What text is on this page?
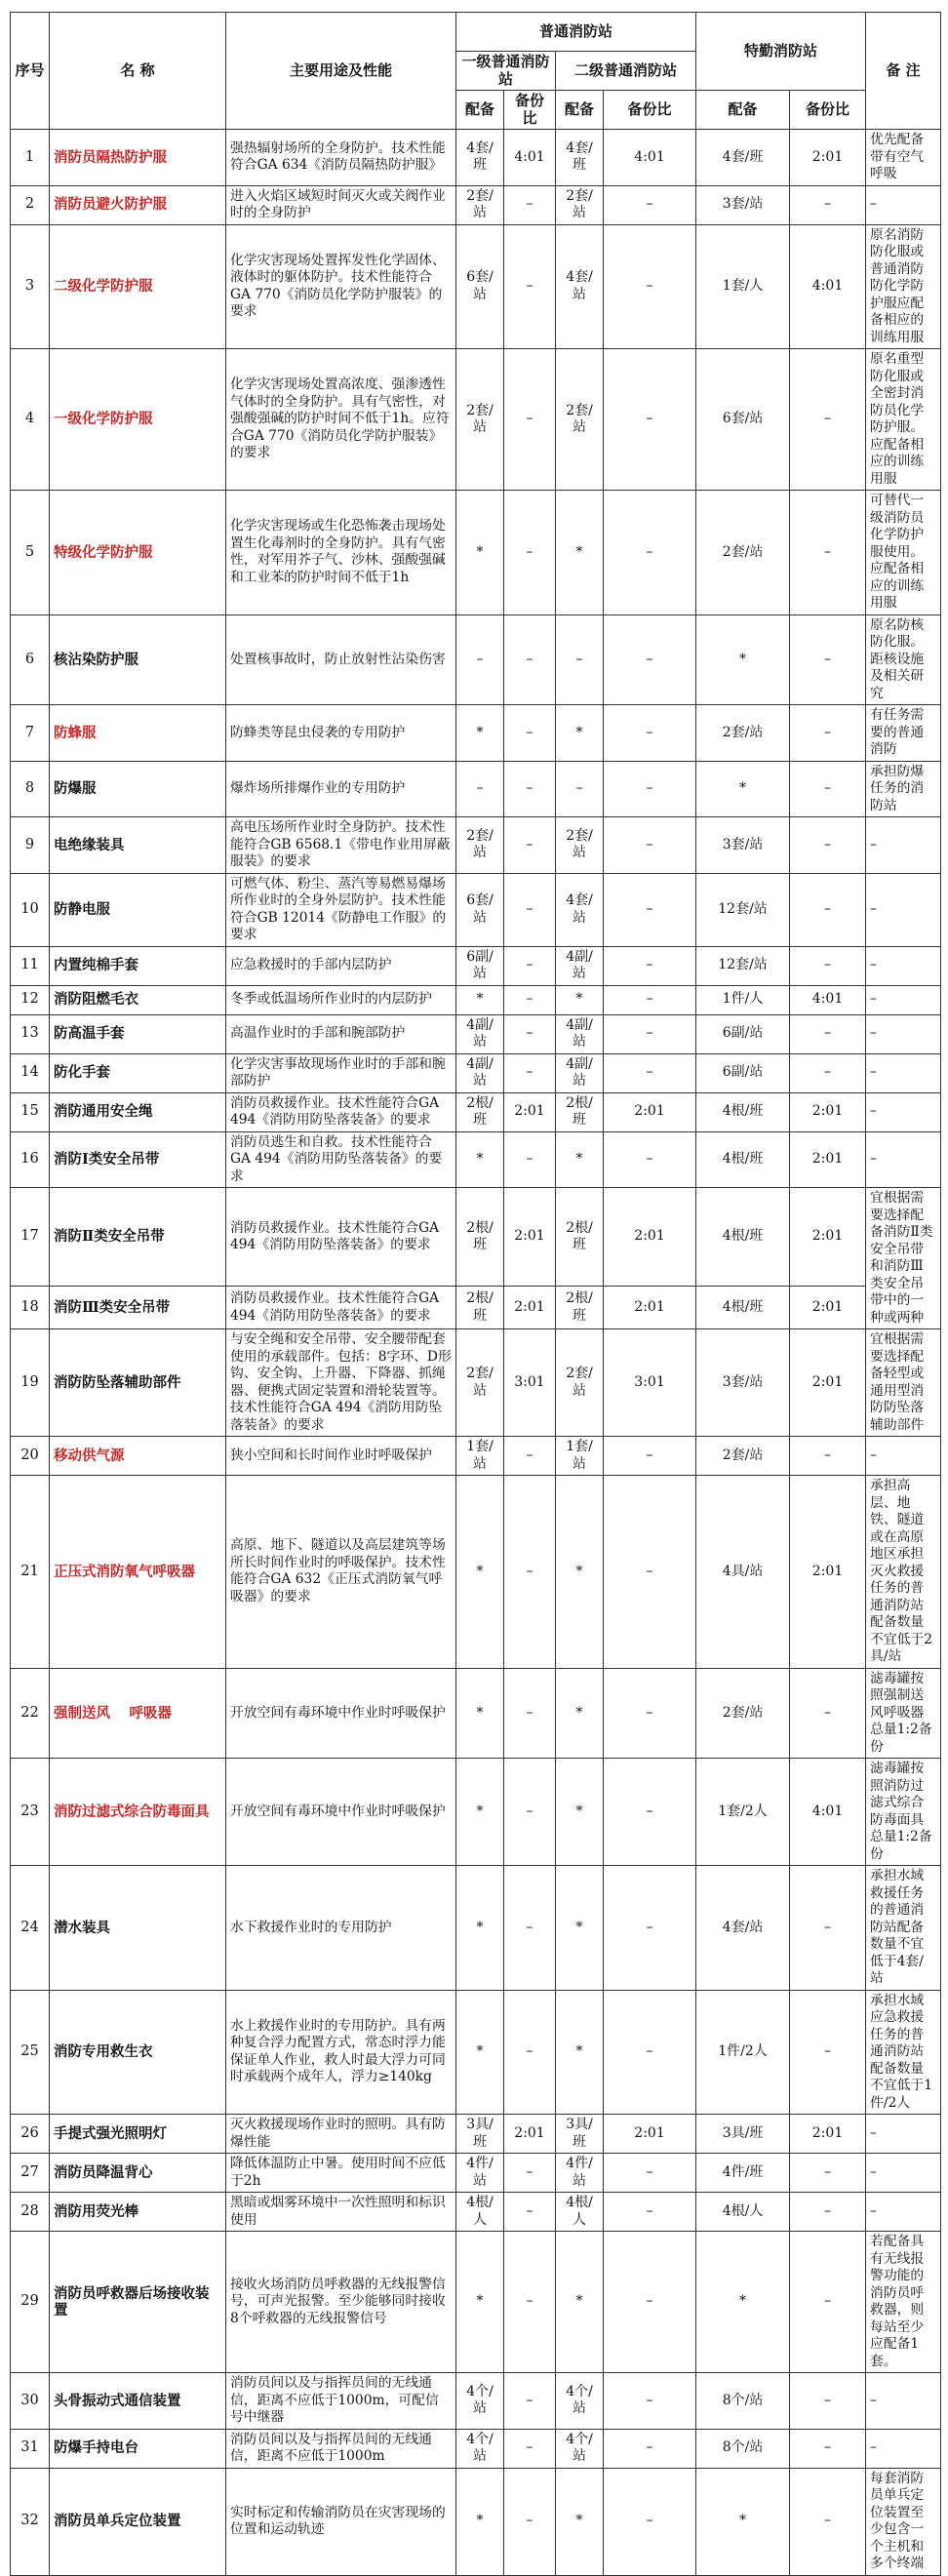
序号	名 称	主要用途及性能	普通消防站				特勤消防站		备 注
			一级普通消防站		二级普通消防站				
			配备	备份比	配备	备份比	配备	备份比	
1	消防员隔热防护服	强热辐射场所的全身防护。技术性能符合GA 634《消防员隔热防护服》	4套/班	4:01	4套/班	4:01	4套/班	2:01	优先配备带有空气呼吸
2	消防员避火防护服	进入火焰区域短时间灭火或关阀作业时的全身防护	2套/站	–	2套/站	–	3套/站	–	–
3	二级化学防护服	化学灾害现场处置挥发性化学固体、液体时的躯体防护。技术性能符合GA 770《消防员化学防护服装》的要求	6套/站	–	4套/站	–	1套/人	4:01	原名消防防化服或普通消防防化学防护服应配备相应的训练用服
4	一级化学防护服	化学灾害现场处置高浓度、强渗透性气体时的全身防护。具有气密性，对强酸强碱的防护时间不低于1h。应符合GA 770《消防员化学防护服装》的要求	2套/站	–	2套/站	–	6套/站	–	原名重型防化服或全密封消防员化学防护服。应配备相应的训练用服
5	特级化学防护服	化学灾害现场或生化恐怖袭击现场处置生化毒剂时的全身防护。具有气密性，对军用芥子气、沙林、强酸强碱和工业苯的防护时间不低于1h	*	–	*	–	2套/站	–	可替代一级消防员化学防护服使用。应配备相应的训练用服
6	核沾染防护服	处置核事故时，防止放射性沾染伤害	–	–	–	–	*	–	原名防核防化服。距核设施及相关研究
7	防蜂服	防蜂类等昆虫侵袭的专用防护	*	–	*	–	2套/站	–	有任务需要的普通消防
8	防爆服	爆炸场所排爆作业的专用防护	–	–	–	–	*	–	承担防爆任务的消防站
9	电绝缘装具	高电压场所作业时全身防护。技术性能符合GB 6568.1《带电作业用屏蔽服装》的要求	2套/站	–	2套/站	–	3套/站	–	–
10	防静电服	可燃气体、粉尘、蒸汽等易燃易爆场所作业时的全身外层防护。技术性能符合GB 12014《防静电工作服》的要求	6套/站	–	4套/站	–	12套/站	–	–
11	内置纯棉手套	应急救援时的手部内层防护	6副/站	–	4副/站	–	12套/站	–	–
12	消防阻燃毛衣	冬季或低温场所作业时的内层防护	*	–	*	–	1件/人	4:01	–
13	防高温手套	高温作业时的手部和腕部防护	4副/站	–	4副/站	–	6副/站	–	–
14	防化手套	化学灾害事故现场作业时的手部和腕部防护	4副/站	–	4副/站	–	6副/站	–	–
15	消防通用安全绳	消防员救援作业。技术性能符合GA 494《消防用防坠落装备》的要求	2根/班	2:01	2根/班	2:01	4根/班	2:01	–
16	消防Ⅰ类安全吊带	消防员逃生和自救。技术性能符合GA 494《消防用防坠落装备》的要求	*	–	*	–	4根/班	2:01	–
17	消防Ⅱ类安全吊带	消防员救援作业。技术性能符合GA 494《消防用防坠落装备》的要求	2根/班	2:01	2根/班	2:01	4根/班	2:01	宜根据需要选择配备消防Ⅱ类安全吊带和消防Ⅲ类安全吊带中的一种或两种
18	消防Ⅲ类安全吊带	消防员救援作业。技术性能符合GA 494《消防用防坠落装备》的要求	2根/班	2:01	2根/班	2:01	4根/班	2:01	
19	消防防坠落辅助部件	与安全绳和安全吊带、安全腰带配套使用的承载部件。包括：8字环、D形钩、安全钩、上升器、下降器、抓绳器、便携式固定装置和滑轮装置等。技术性能符合GA 494《消防用防坠落装备》的要求	2套/站	3:01	2套/站	3:01	3套/站	2:01	宜根据需要选择配备轻型或通用型消防防坠落辅助部件
20	移动供气源	狭小空间和长时间作业时呼吸保护	1套/站	–	1套/站	–	2套/站	–	–
21	正压式消防氧气呼吸器	高原、地下、隧道以及高层建筑等场所长时间作业时的呼吸保护。技术性能符合GA 632《正压式消防氧气呼吸器》的要求	*	–	*	–	4具/站	2:01	承担高层、地铁、隧道或在高原地区承担灭火救援任务的普通消防站配备数量不宜低于2具/站
22	强制送风　 呼吸器	开放空间有毒环境中作业时呼吸保护	*	–	*	–	2套/站	–	滤毒罐按照强制送风呼吸器总量1:2备份
23	消防过滤式综合防毒面具	开放空间有毒环境中作业时呼吸保护	*	–	*	–	1套/2人	4:01	滤毒罐按照消防过滤式综合防毒面具总量1:2备份
24	潜水装具	水下救援作业时的专用防护	*	–	*	–	4套/站	–	承担水域救援任务的普通消防站配备数量不宜低于4套/站
25	消防专用救生衣	水上救援作业时的专用防护。具有两种复合浮力配置方式，常态时浮力能保证单人作业，救人时最大浮力可同时承载两个成年人，浮力≥140kg	*	–	*	–	1件/2人	–	承担水域应急救援任务的普通消防站配备数量不宜低于1件/2人
26	手提式强光照明灯	灭火救援现场作业时的照明。具有防爆性能	3具/班	2:01	3具/班	2:01	3具/班	2:01	–
27	消防员降温背心	降低体温防止中暑。使用时间不应低于2h	4件/站	–	4件/站	–	4件/班	–	–
28	消防用荧光棒	黑暗或烟雾环境中一次性照明和标识使用	4根/人	–	4根/人	–	4根/人	–	–
29	消防员呼救器后场接收装置	接收火场消防员呼救器的无线报警信号，可声光报警。至少能够同时接收8个呼救器的无线报警信号	*	–	*	–	*	–	若配备具有无线报警功能的消防员呼救器，则每站至少应配备1套。
30	头骨振动式通信装置	消防员间以及与指挥员间的无线通信，距离不应低于1000m，可配信号中继器	4个/站	–	4个/站	–	8个/站	–	–
31	防爆手持电台	消防员间以及与指挥员间的无线通信，距离不应低于1000m	4个/站	–	4个/站	–	8个/站	–	–
32	消防员单兵定位装置	实时标定和传输消防员在灾害现场的位置和运动轨迹	*	–	*	–	*	–	每套消防员单兵定位装置至少包含一个主机和多个终端
